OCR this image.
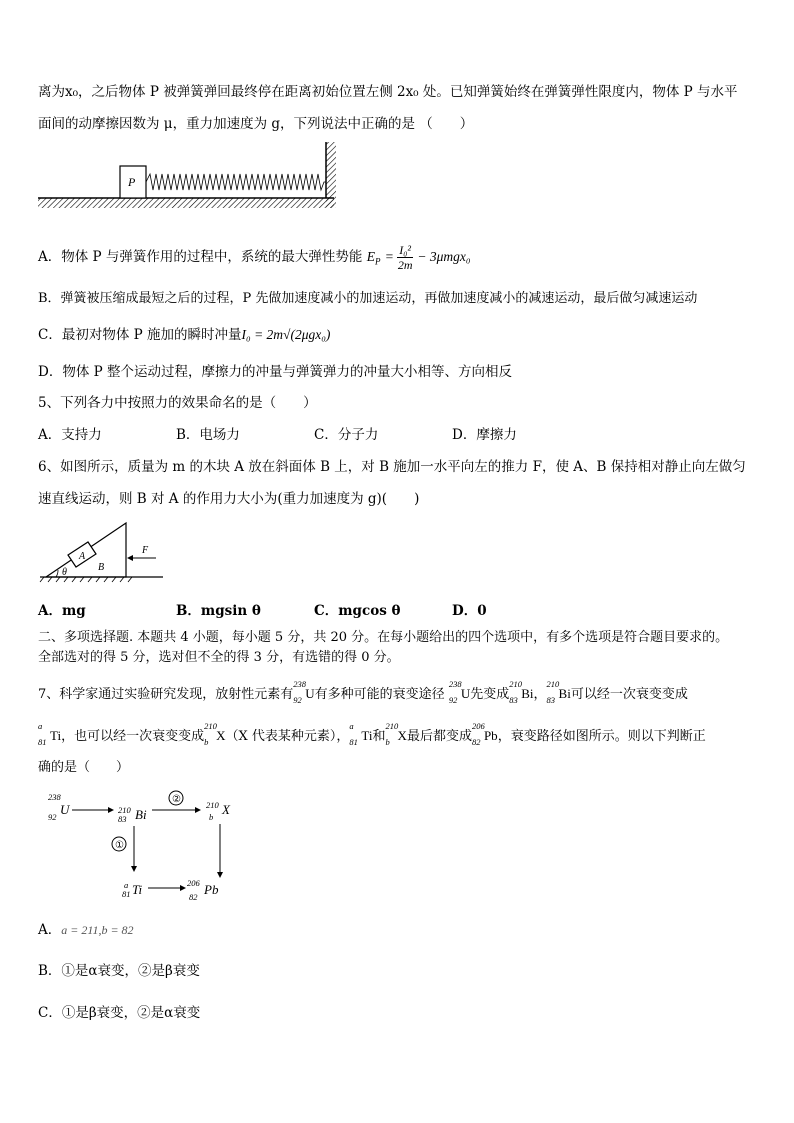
离为x₀，之后物体 P 被弹簧弹回最终停在距离初始位置左侧 2x₀ 处。已知弹簧始终在弹簧弹性限度内，物体 P 与水平
面间的动摩擦因数为 μ，重力加速度为 g，下列说法中正确的是 （　　）
P
A．物体 P 与弹簧作用的过程中，系统的最大弹性势能 $E_P = \frac{\text{I₀²}}{2m} - 3\mu mgx_0$
B．弹簧被压缩成最短之后的过程，P 先做加速度减小的加速运动，再做加速度减小的减速运动，最后做匀减速运动
C．最初对物体 P 施加的瞬时冲量I₀ = 2m√(2μgx₀)
D．物体 P 整个运动过程，摩擦力的冲量与弹簧弹力的冲量大小相等、方向相反
5、下列各力中按照力的效果命名的是（　　）
A．支持力	B．电场力	C．分子力	D．摩擦力
6、如图所示，质量为 m 的木块 A 放在斜面体 B 上，对 B 施加一水平向左的推力 F，使 A、B 保持相对静止向左做匀
速直线运动，则 B 对 A 的作用力大小为(重力加速度为 g)(　　)
A
B
θ
F
A．mg	B．mgsin θ	C．mgcos θ	D．0
二、多项选择题. 本题共 4 小题，每小题 5 分，共 20 分。在每小题给出的四个选项中，有多个选项是符合题目要求的。
全部选对的得 5 分，选对但不全的得 3 分，有选错的得 0 分。
7、科学家通过实验研究发现，放射性元素有
238
92 U有多种可能的衰变途径
238
92 U先变成
210
83 Bi，
210
83 Bi可以经一次衰变变成
a
81 Ti，也可以经一次衰变变成
210
b X（X 代表某种元素），
a
81 Ti和
210
b X最后都变成
206
82 Pb，衰变路径如图所示。则以下判断正
确的是（　　）
238
92 U	210
83 Bi
②	210
b X
①
a
81 Ti	206
82 Pb
A．a = 211,b = 82
B．①是α衰变，②是β衰变
C．①是β衰变，②是α衰变
